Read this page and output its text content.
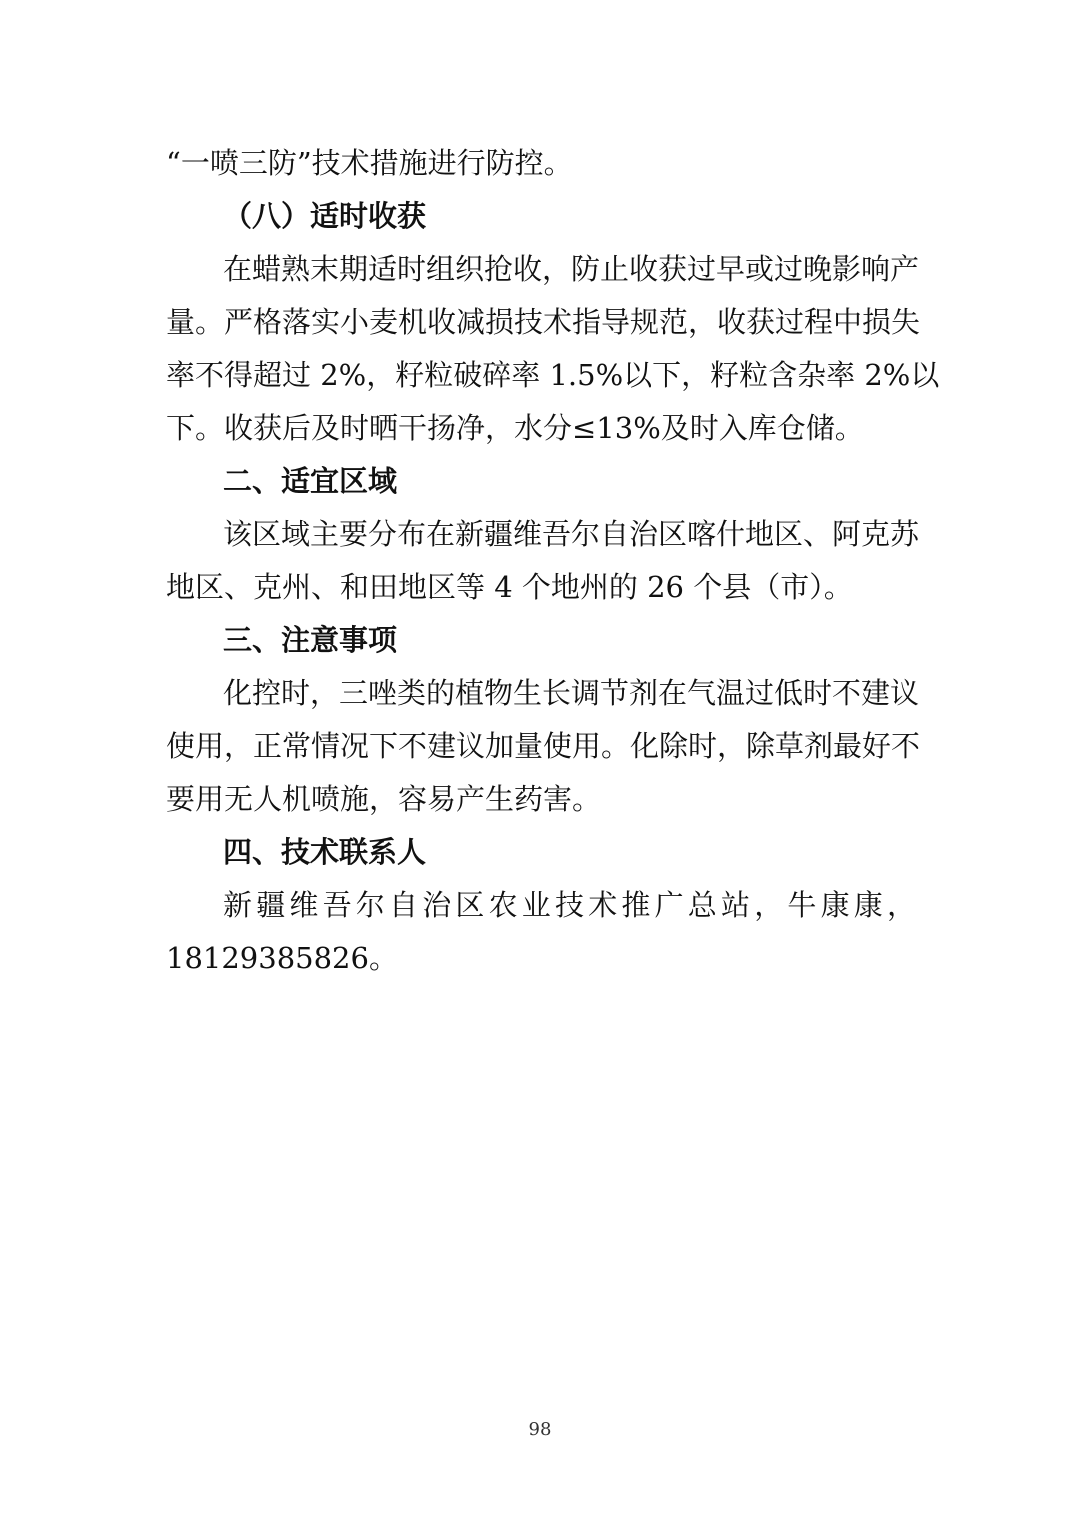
“一喷三防”技术措施进行防控。
（八）适时收获
在蜡熟末期适时组织抢收，防止收获过早或过晚影响产
量。严格落实小麦机收减损技术指导规范，收获过程中损失
率不得超过 2%，籽粒破碎率 1.5%以下，籽粒含杂率 2%以
下。收获后及时晒干扬净，水分≤13%及时入库仓储。
二、适宜区域
该区域主要分布在新疆维吾尔自治区喀什地区、阿克苏
地区、克州、和田地区等 4 个地州的 26 个县（市）。
三、注意事项
化控时，三唑类的植物生长调节剂在气温过低时不建议
使用，正常情况下不建议加量使用。化除时，除草剂最好不
要用无人机喷施，容易产生药害。
四、技术联系人
新疆维吾尔自治区农业技术推广总站，牛康康，
18129385826。
98
